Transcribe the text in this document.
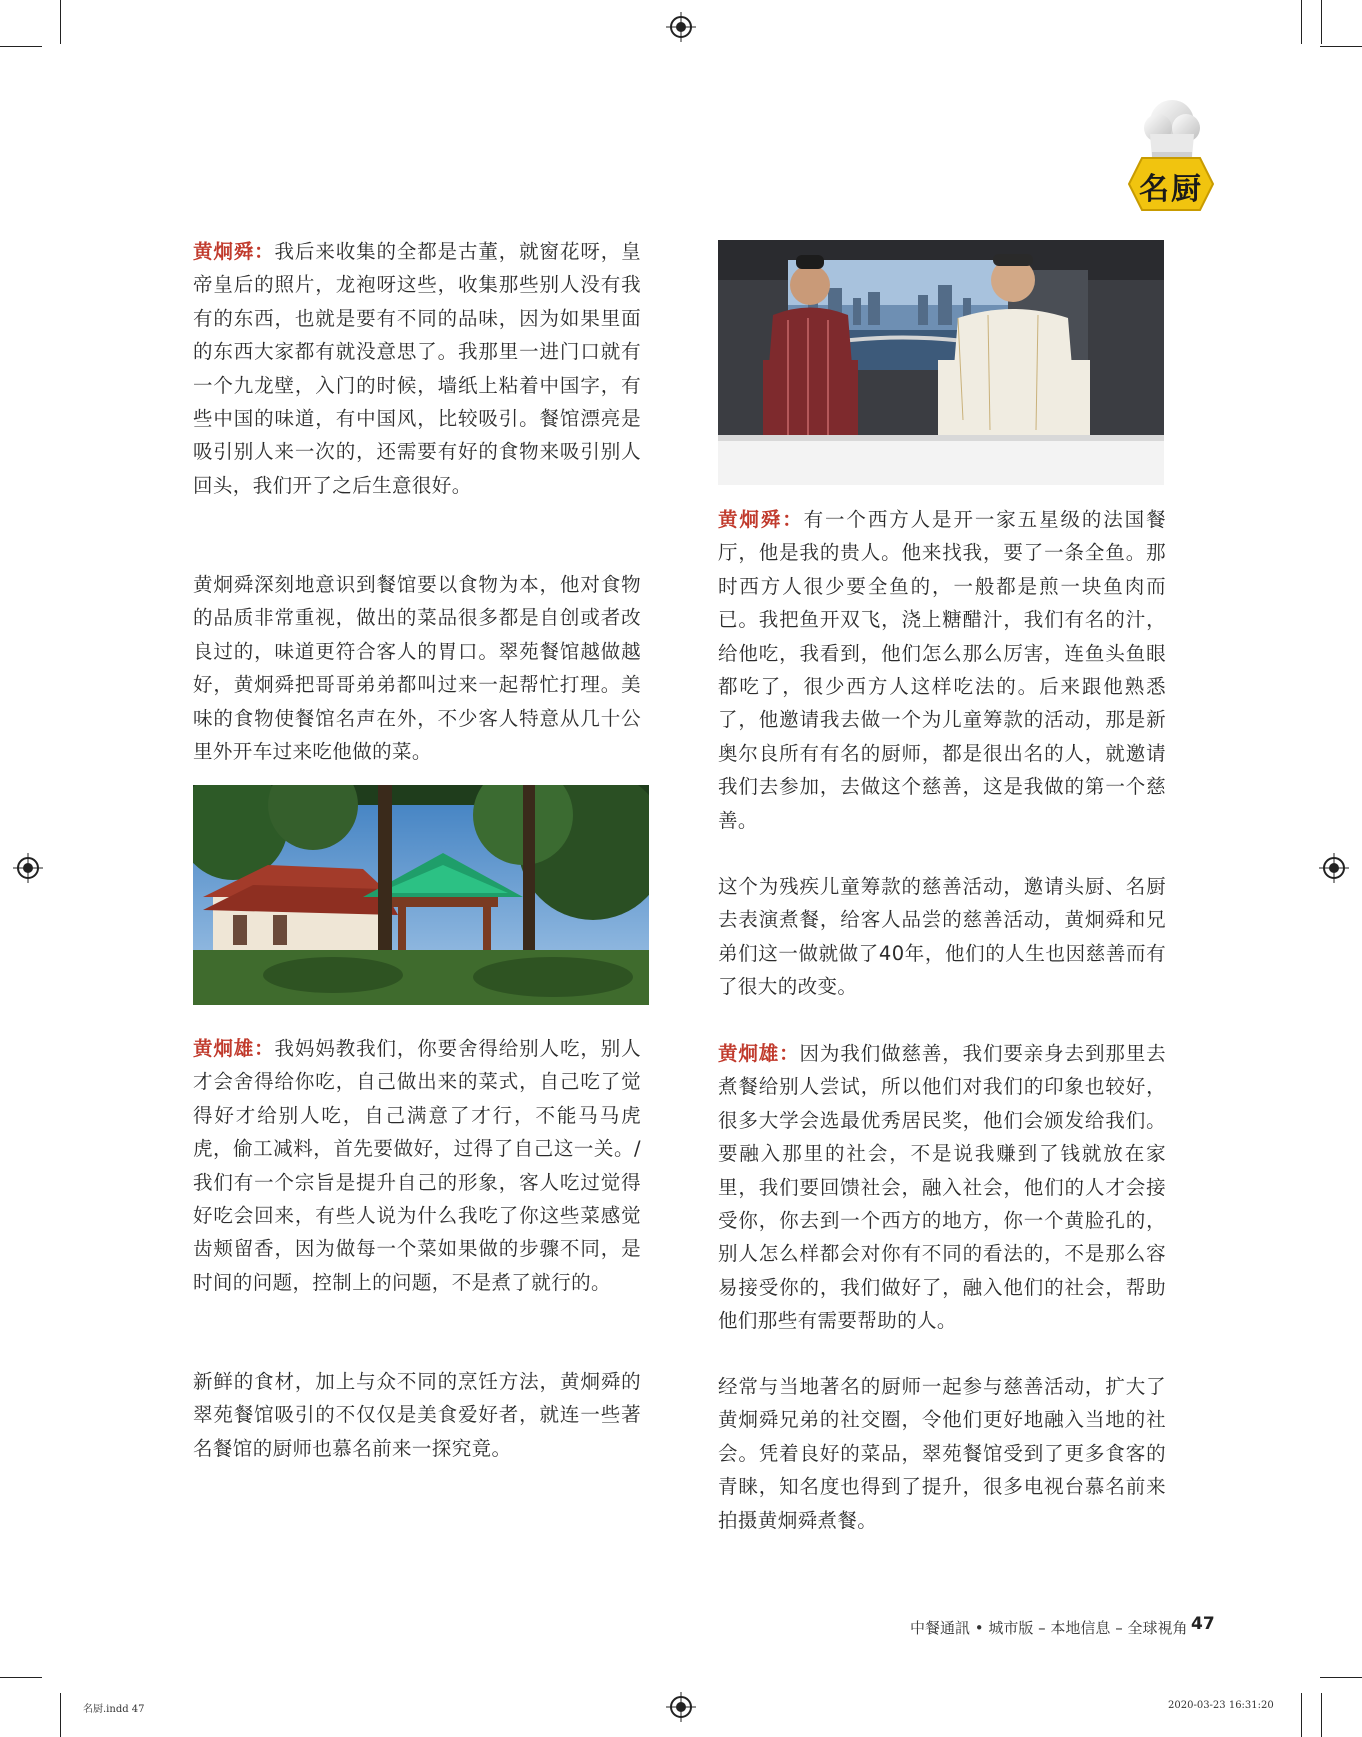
名厨

黄炯舜：我后来收集的全都是古董，就窗花呀，皇帝皇后的照片，龙袍呀这些，收集那些别人没有我有的东西，也就是要有不同的品味，因为如果里面的东西大家都有就没意思了。我那里一进门口就有一个九龙壁，入门的时候，墙纸上粘着中国字，有些中国的味道，有中国风，比较吸引。餐馆漂亮是吸引别人来一次的，还需要有好的食物来吸引别人回头，我们开了之后生意很好。

黄炯舜深刻地意识到餐馆要以食物为本，他对食物的品质非常重视，做出的菜品很多都是自创或者改良过的，味道更符合客人的胃口。翠苑餐馆越做越好，黄炯舜把哥哥弟弟都叫过来一起帮忙打理。美味的食物使餐馆名声在外，不少客人特意从几十公里外开车过来吃他做的菜。

黄炯雄：我妈妈教我们，你要舍得给别人吃，别人才会舍得给你吃，自己做出来的菜式，自己吃了觉得好才给别人吃，自己满意了才行，不能马马虎虎，偷工减料，首先要做好，过得了自己这一关。/我们有一个宗旨是提升自己的形象，客人吃过觉得好吃会回来，有些人说为什么我吃了你这些菜感觉齿颊留香，因为做每一个菜如果做的步骤不同，是时间的问题，控制上的问题，不是煮了就行的。

新鲜的食材，加上与众不同的烹饪方法，黄炯舜的翠苑餐馆吸引的不仅仅是美食爱好者，就连一些著名餐馆的厨师也慕名前来一探究竟。

黄炯舜：有一个西方人是开一家五星级的法国餐厅，他是我的贵人。他来找我，要了一条全鱼。那时西方人很少要全鱼的，一般都是煎一块鱼肉而已。我把鱼开双飞，浇上糖醋汁，我们有名的汁，给他吃，我看到，他们怎么那么厉害，连鱼头鱼眼都吃了，很少西方人这样吃法的。后来跟他熟悉了，他邀请我去做一个为儿童筹款的活动，那是新奥尔良所有有名的厨师，都是很出名的人，就邀请我们去参加，去做这个慈善，这是我做的第一个慈善。

这个为残疾儿童筹款的慈善活动，邀请头厨、名厨去表演煮餐，给客人品尝的慈善活动，黄炯舜和兄弟们这一做就做了40年，他们的人生也因慈善而有了很大的改变。

黄炯雄：因为我们做慈善，我们要亲身去到那里去煮餐给别人尝试，所以他们对我们的印象也较好，很多大学会选最优秀居民奖，他们会颁发给我们。要融入那里的社会，不是说我赚到了钱就放在家里，我们要回馈社会，融入社会，他们的人才会接受你，你去到一个西方的地方，你一个黄脸孔的，别人怎么样都会对你有不同的看法的，不是那么容易接受你的，我们做好了，融入他们的社会，帮助他们那些有需要帮助的人。

经常与当地著名的厨师一起参与慈善活动，扩大了黄炯舜兄弟的社交圈，令他们更好地融入当地的社会。凭着良好的菜品，翠苑餐馆受到了更多食客的青睐，知名度也得到了提升，很多电视台慕名前来拍摄黄炯舜煮餐。

中餐通訊 • 城市版 – 本地信息 – 全球視角 47
名厨.indd 47	2020-03-23 16:31:20
